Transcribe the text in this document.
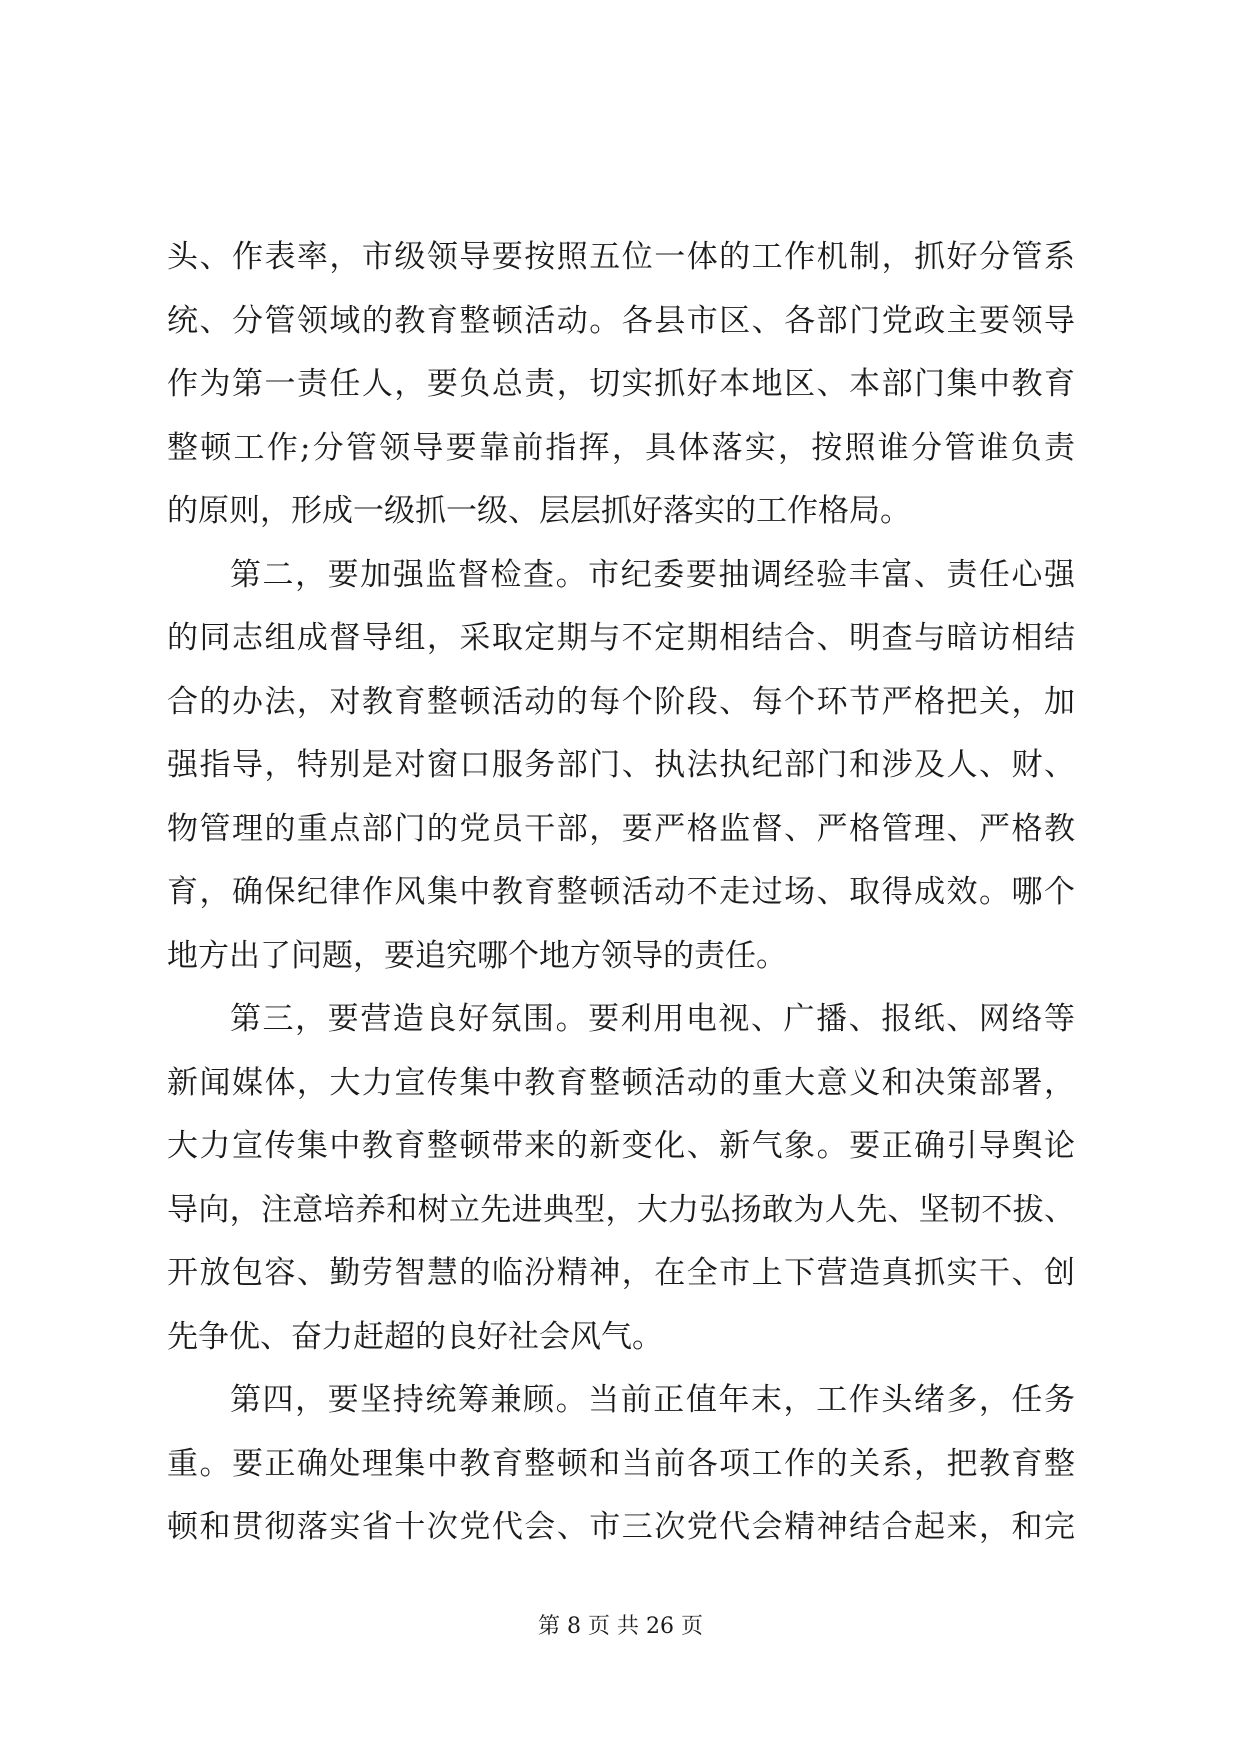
头、作表率，市级领导要按照五位一体的工作机制，抓好分管系
统、分管领域的教育整顿活动。各县市区、各部门党政主要领导
作为第一责任人，要负总责，切实抓好本地区、本部门集中教育
整顿工作;分管领导要靠前指挥，具体落实，按照谁分管谁负责
的原则，形成一级抓一级、层层抓好落实的工作格局。
第二，要加强监督检查。市纪委要抽调经验丰富、责任心强
的同志组成督导组，采取定期与不定期相结合、明查与暗访相结
合的办法，对教育整顿活动的每个阶段、每个环节严格把关，加
强指导，特别是对窗口服务部门、执法执纪部门和涉及人、财、
物管理的重点部门的党员干部，要严格监督、严格管理、严格教
育，确保纪律作风集中教育整顿活动不走过场、取得成效。哪个
地方出了问题，要追究哪个地方领导的责任。
第三，要营造良好氛围。要利用电视、广播、报纸、网络等
新闻媒体，大力宣传集中教育整顿活动的重大意义和决策部署，
大力宣传集中教育整顿带来的新变化、新气象。要正确引导舆论
导向，注意培养和树立先进典型，大力弘扬敢为人先、坚韧不拔、
开放包容、勤劳智慧的临汾精神，在全市上下营造真抓实干、创
先争优、奋力赶超的良好社会风气。
第四，要坚持统筹兼顾。当前正值年末，工作头绪多，任务
重。要正确处理集中教育整顿和当前各项工作的关系，把教育整
顿和贯彻落实省十次党代会、市三次党代会精神结合起来，和完
第 8 页 共 26 页
